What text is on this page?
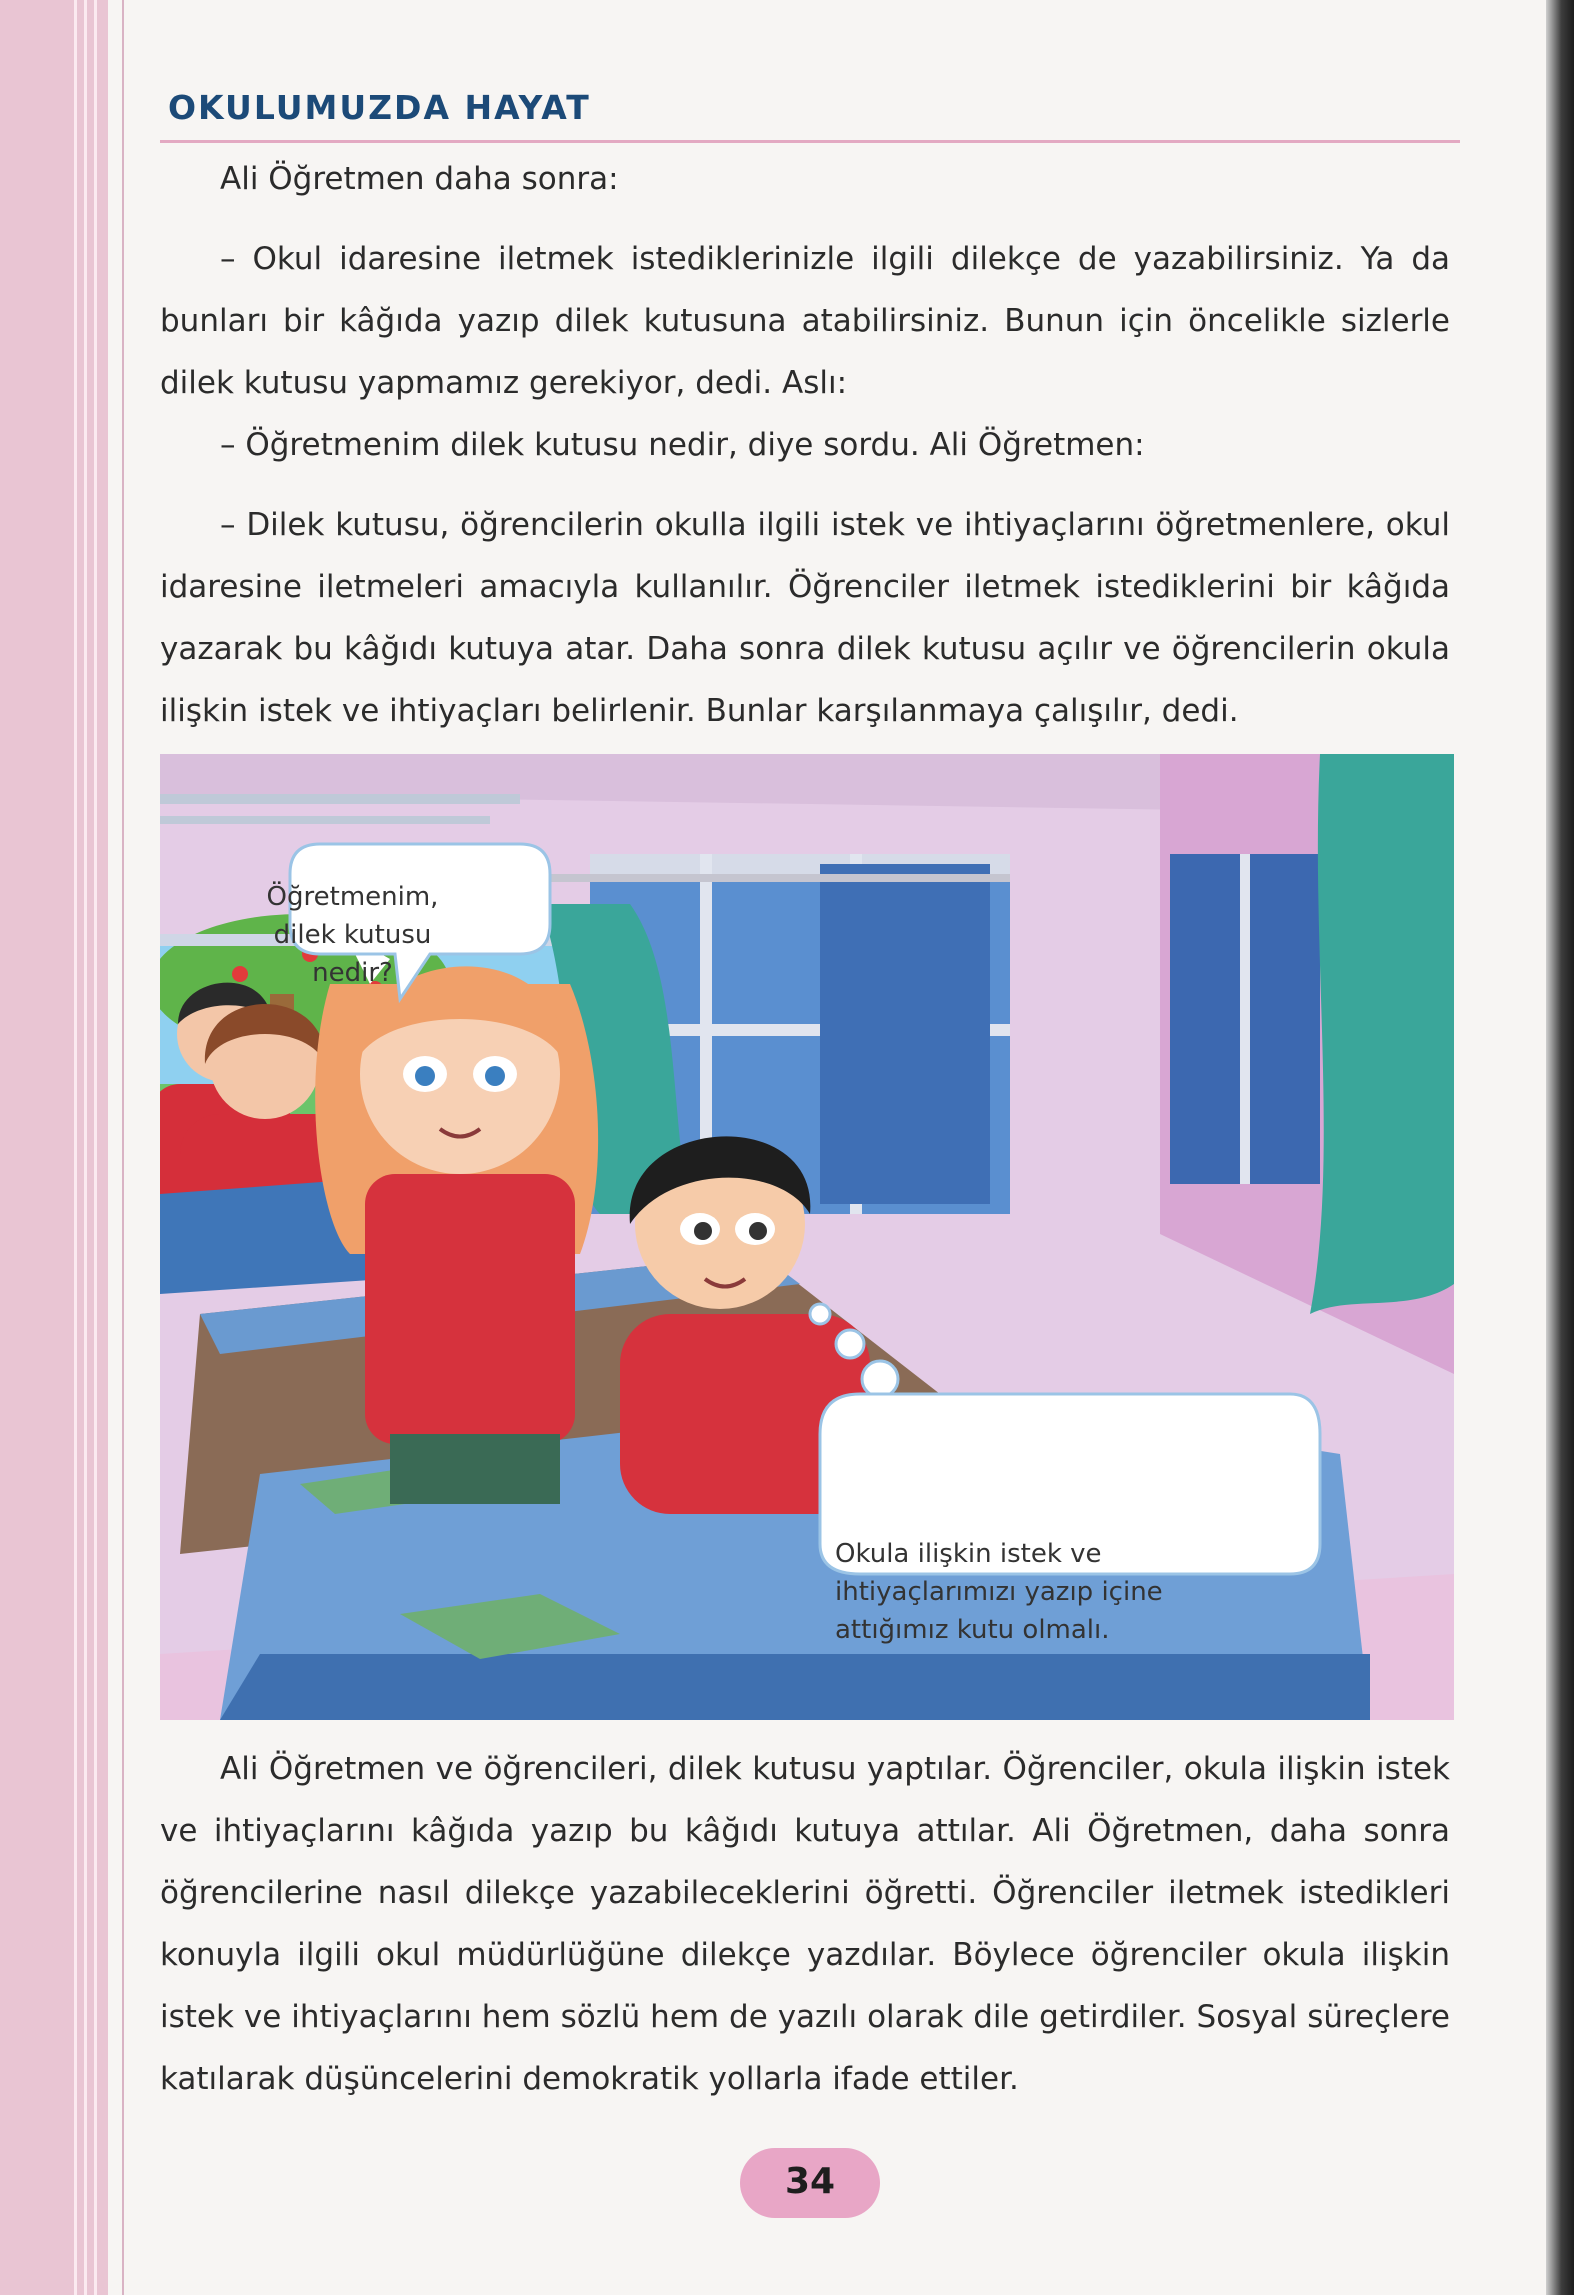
OKULUMUZDA HAYAT

Ali Öğretmen daha sonra:

– Okul idaresine iletmek istediklerinizle ilgili dilekçe de yazabilirsiniz. Ya da bunları bir kâğıda yazıp dilek kutusuna atabilirsiniz. Bunun için öncelikle sizlerle dilek kutusu yapmamız gerekiyor, dedi. Aslı:

– Öğretmenim dilek kutusu nedir, diye sordu. Ali Öğretmen:

– Dilek kutusu, öğrencilerin okulla ilgili istek ve ihtiyaçlarını öğretmenlere, okul idaresine iletmeleri amacıyla kullanılır. Öğrenciler iletmek istediklerini bir kâğıda yazarak bu kâğıdı kutuya atar. Daha sonra dilek kutusu açılır ve öğrencilerin okula ilişkin istek ve ihtiyaçları belirlenir. Bunlar karşılanmaya çalışılır, dedi.

Öğretmenim, dilek kutusu nedir?

Okula ilişkin istek ve ihtiyaçlarımızı yazıp içine attığımız kutu olmalı.

Ali Öğretmen ve öğrencileri, dilek kutusu yaptılar. Öğrenciler, okula ilişkin istek ve ihtiyaçlarını kâğıda yazıp bu kâğıdı kutuya attılar. Ali Öğretmen, daha sonra öğrencilerine nasıl dilekçe yazabileceklerini öğretti. Öğrenciler iletmek istedikleri konuyla ilgili okul müdürlüğüne dilekçe yazdılar. Böylece öğrenciler okula ilişkin istek ve ihtiyaçlarını hem sözlü hem de yazılı olarak dile getirdiler. Sosyal süreçlere katılarak düşüncelerini demokratik yollarla ifade ettiler.

34
